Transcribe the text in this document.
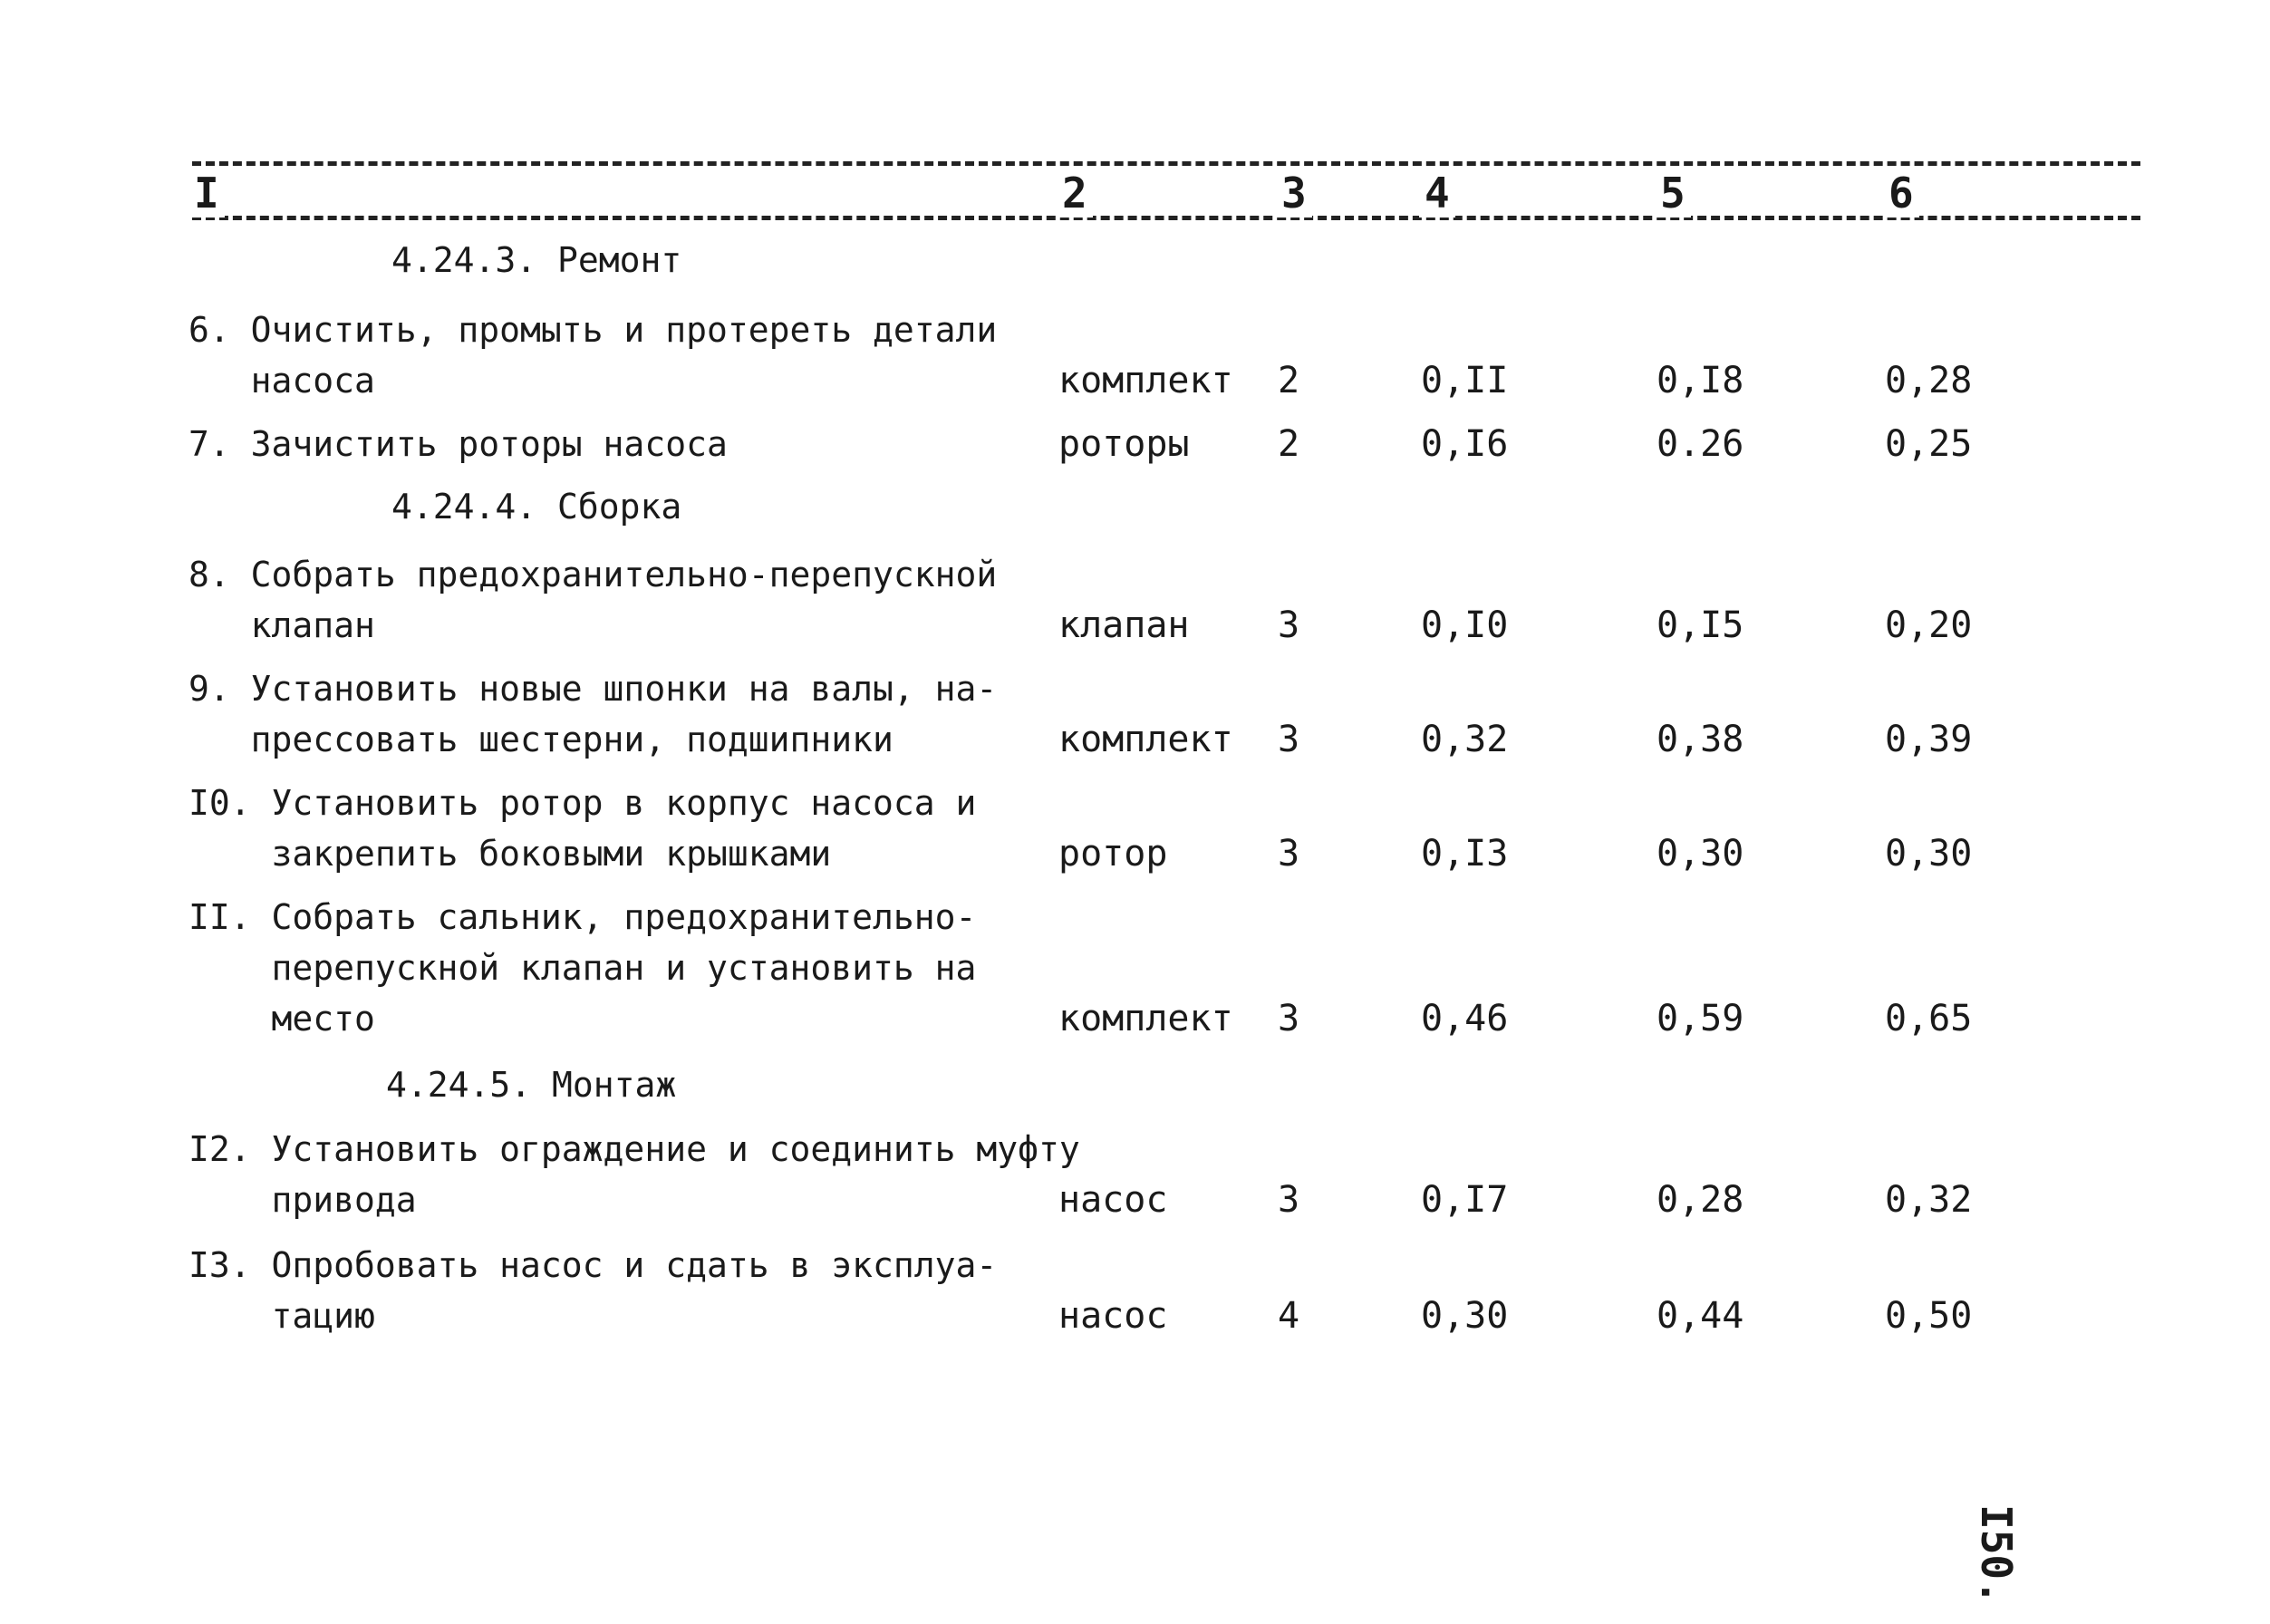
I	2	3	4	5	6
4.24.3. Ремонт
6. Очистить, промыть и протереть детали
насоса	комплект 2	0,II	0,I8	0,28
7. Зачистить роторы насоса	роторы 2	0,I6	0.26	0,25
4.24.4. Сборка
8. Собрать предохранительно-перепускной
клапан	клапан 3	0,I0	0,I5	0,20
9. Установить новые шпонки на валы, на-
прессовать шестерни, подшипники	комплект 3	0,32	0,38	0,39
I0. Установить ротор в корпус насоса и
закрепить боковыми крышками	ротор	3	0,I3	0,30	0,30
II. Собрать сальник, предохранительно-
перепускной клапан и установить на
место	комплект 3	0,46	0,59	0,65
4.24.5. Монтаж
I2. Установить ограждение и соединить муфту
привода	насос	3	0,I7	0,28	0,32
I3. Опробовать насос и сдать в эксплуа-
тацию	насос	4	0,30	0,44	0,50
I50.
